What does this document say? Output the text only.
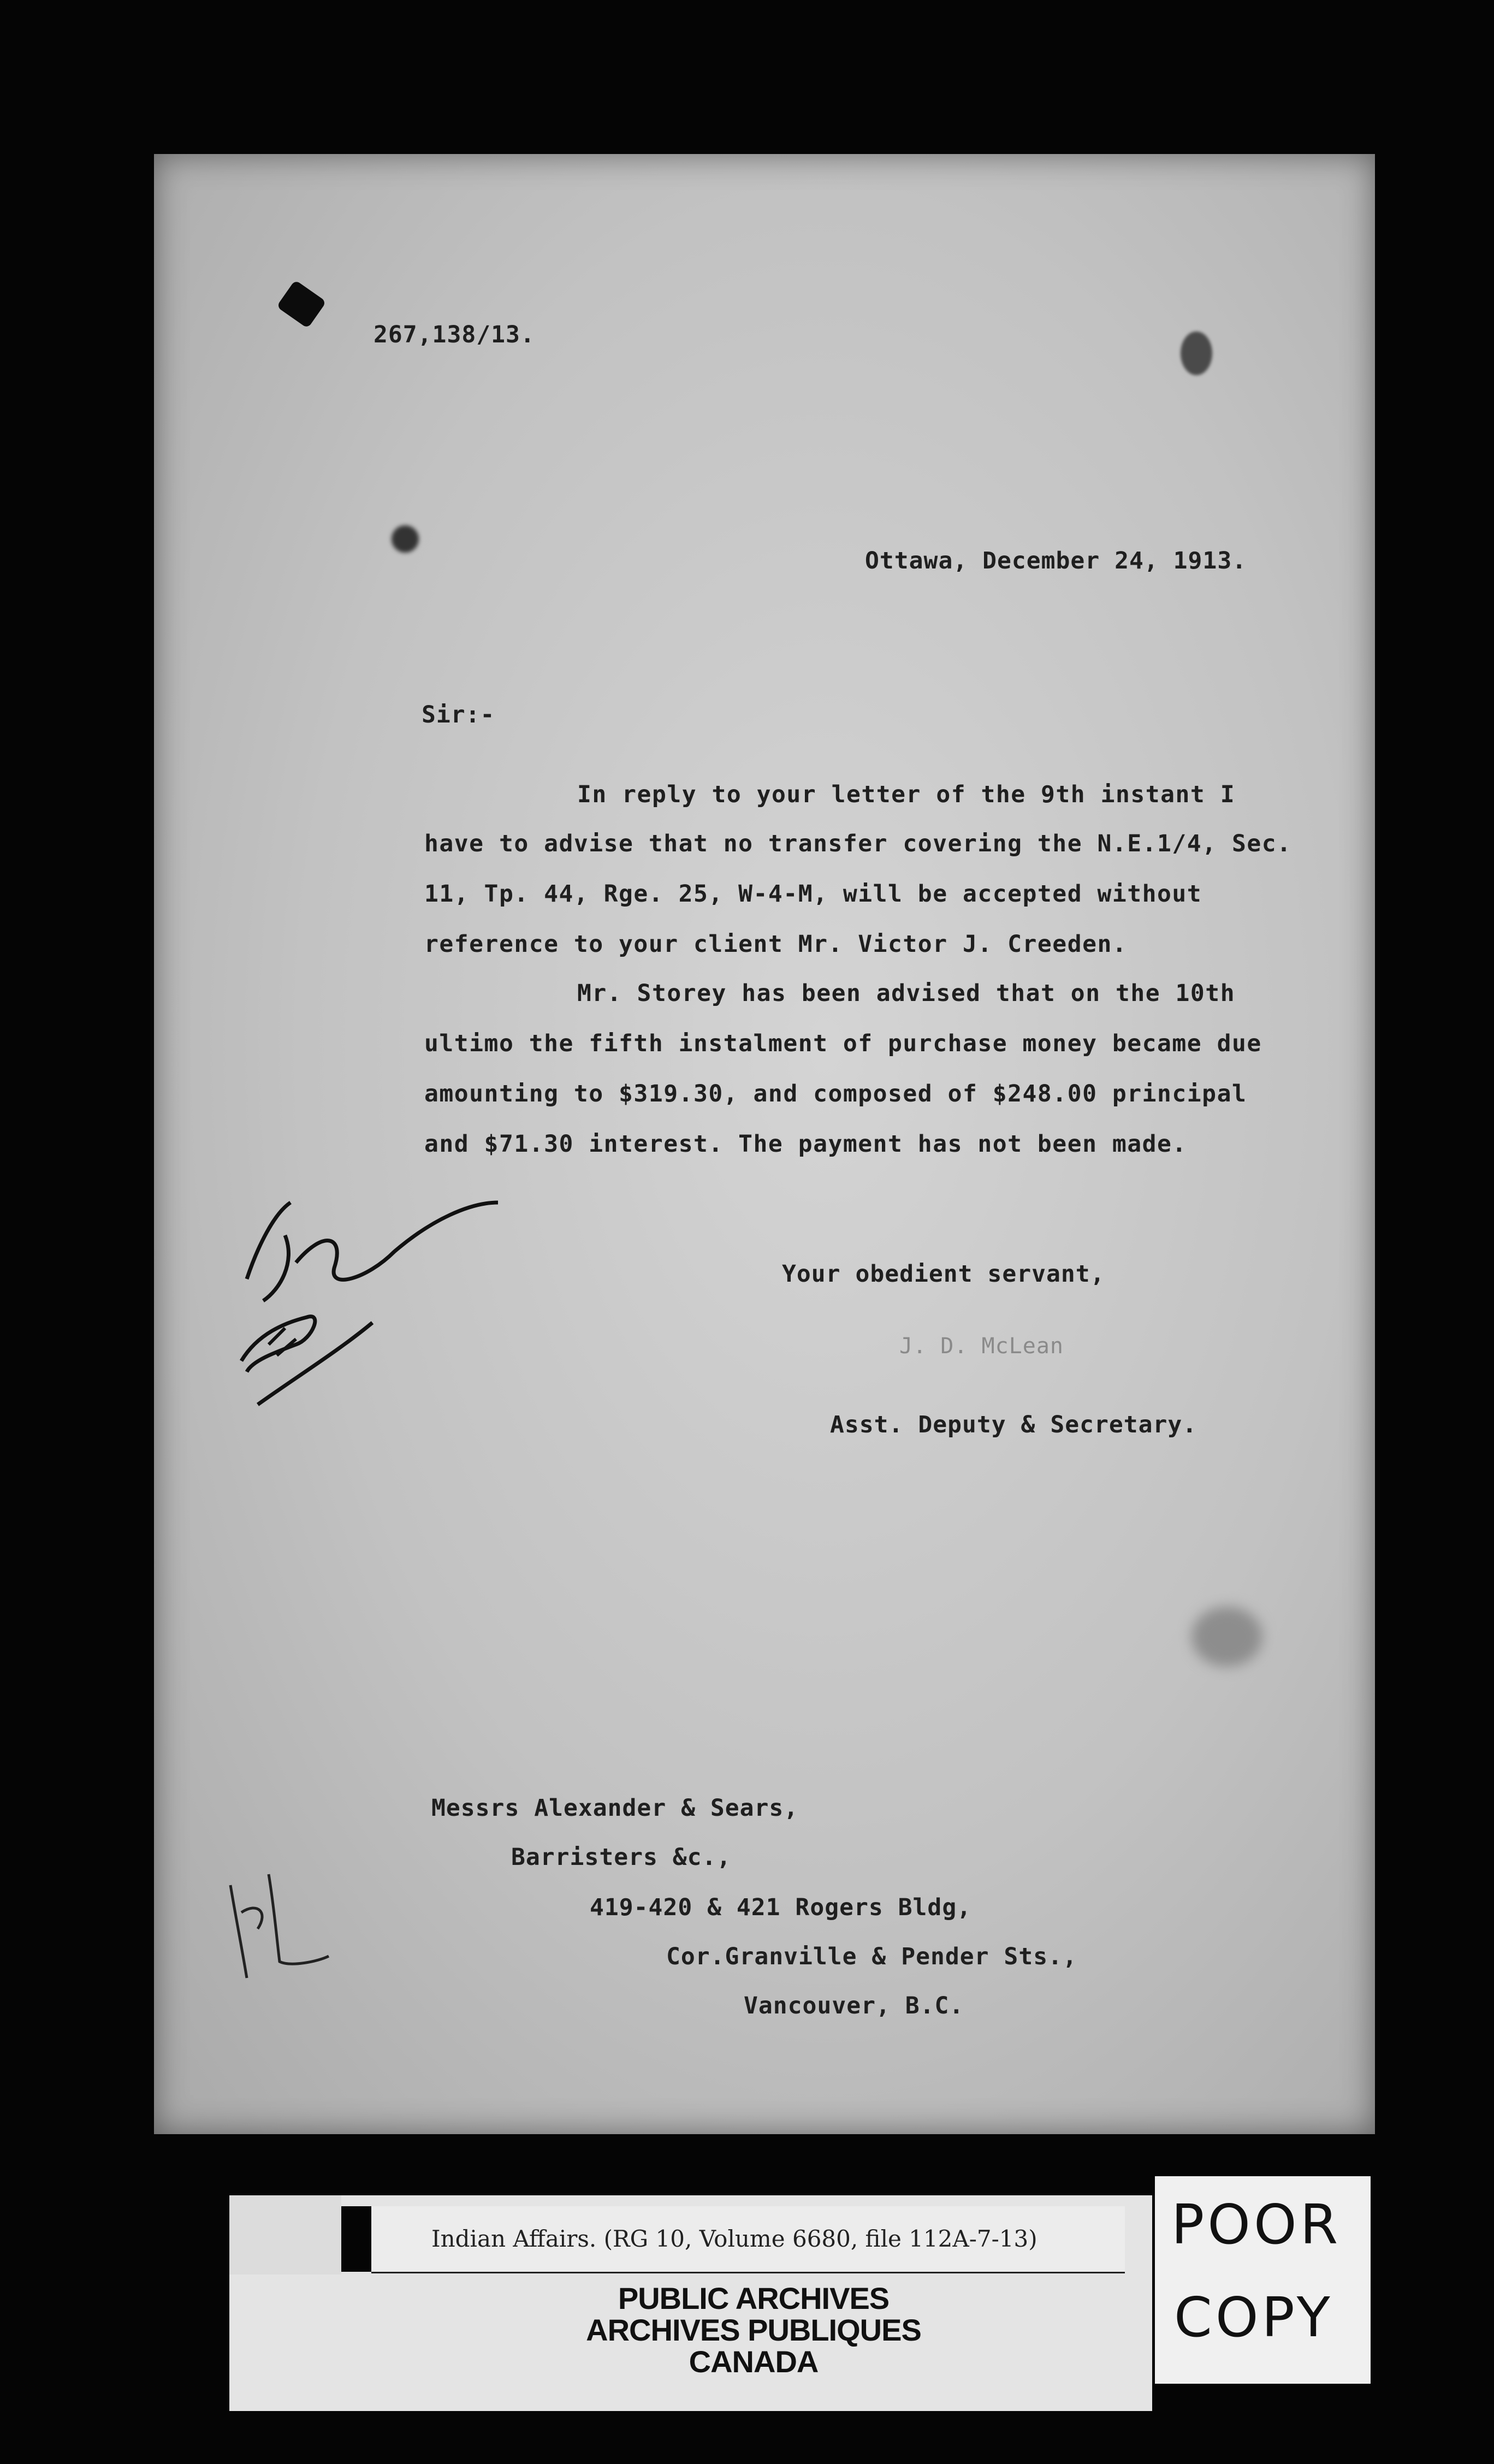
267,138/13.
Ottawa, December 24, 1913.
Sir:-
In reply to your letter of the 9th instant I
have to advise that no transfer covering the N.E.1/4, Sec.
11, Tp. 44, Rge. 25, W-4-M, will be accepted without
reference to your client Mr. Victor J. Creeden.
Mr. Storey has been advised that on the 10th
ultimo the fifth instalment of purchase money became due
amounting to $319.30, and composed of $248.00 principal
and $71.30 interest. The payment has not been made.
Your obedient servant,
J. D. McLean
Asst. Deputy & Secretary.
Messrs Alexander & Sears,
Barristers &c.,
419-420 & 421 Rogers Bldg,
Cor.Granville & Pender Sts.,
Vancouver, B.C.
Indian Affairs. (RG 10, Volume 6680, file 112A-7-13)
PUBLIC ARCHIVES
ARCHIVES PUBLIQUES
CANADA
POOR
COPY
